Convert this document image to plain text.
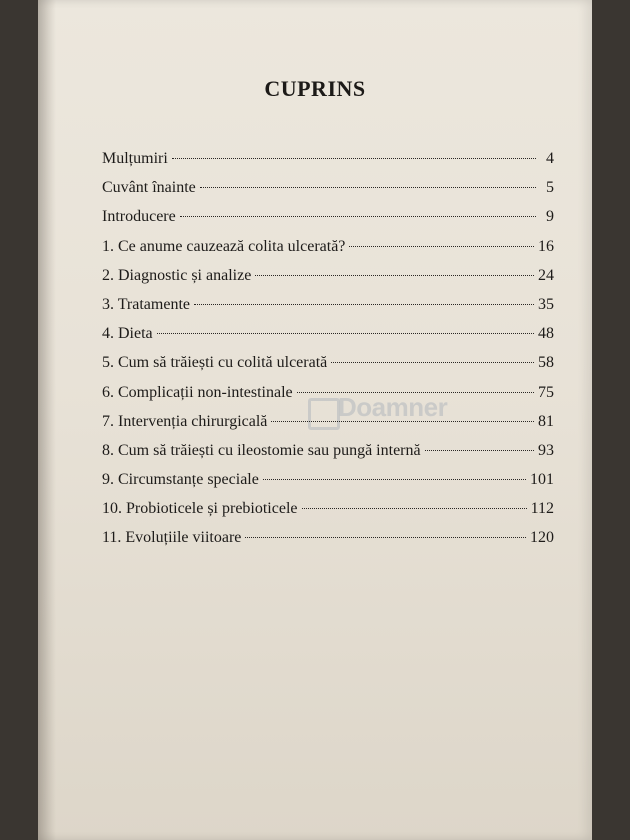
Doamner
CUPRINS
Mulțumiri	4
Cuvânt înainte	5
Introducere	9
1. Ce anume cauzează colita ulcerată?	16
2. Diagnostic și analize	24
3. Tratamente	35
4. Dieta	48
5. Cum să trăiești cu colită ulcerată	58
6. Complicații non-intestinale	75
7. Intervenția chirurgicală	81
8. Cum să trăiești cu ileostomie sau pungă internă	93
9. Circumstanțe speciale	101
10. Probioticele și prebioticele	112
11. Evoluțiile viitoare	120
